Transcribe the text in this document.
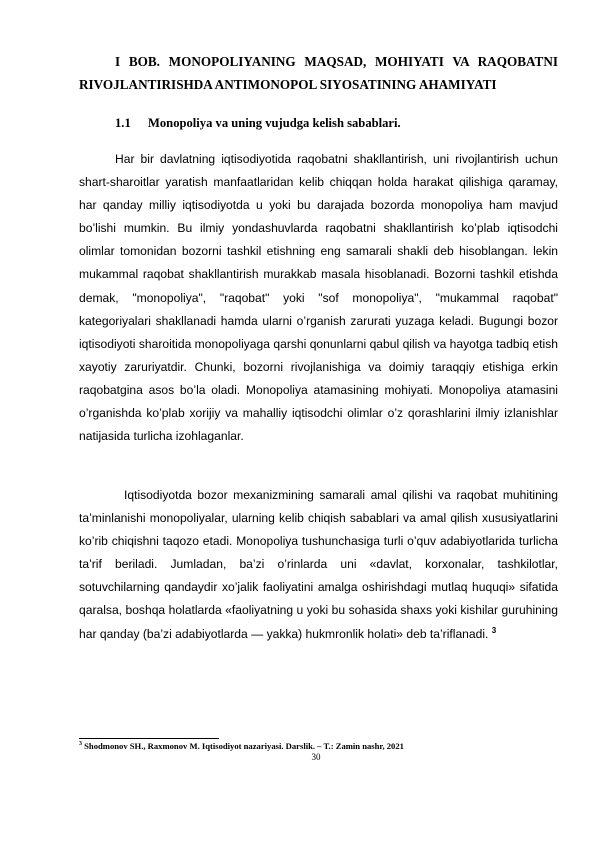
I BOB. MONOPOLIYANING MAQSAD, MOHIYATI VA RAQOBATNI RIVOJLANTIRISHDA ANTIMONOPOL SIYOSATINING AHAMIYATI
1.1 Monopoliya va uning vujudga kelish sabablari.

Har bir davlatning iqtisodiyotida raqobatni shakllantirish, uni rivojlantirish uchun shart-sharoitlar yaratish manfaatlaridan kelib chiqqan holda harakat qilishiga qaramay, har qanday milliy iqtisodiyotda u yoki bu darajada bozorda monopoliya ham mavjud bo’lishi mumkin. Bu ilmiy yondashuvlarda raqobatni shakllantirish ko’plab iqtisodchi olimlar tomonidan bozorni tashkil etishning eng samarali shakli deb hisoblangan. lekin mukammal raqobat shakllantirish murakkab masala hisoblanadi. Bozorni tashkil etishda demak, "monopoliya", "raqobat" yoki "sof monopoliya", "mukammal raqobat" kategoriyalari shakllanadi hamda ularni o’rganish zarurati yuzaga keladi. Bugungi bozor iqtisodiyoti sharoitida monopoliyaga qarshi qonunlarni qabul qilish va hayotga tadbiq etish xayotiy zaruriyatdir. Chunki, bozorni rivojlanishiga va doimiy taraqqiy etishiga erkin raqobatgina asos bo’la oladi. Monopoliya atamasining mohiyati. Monopoliya atamasini o’rganishda ko’plab xorijiy va mahalliy iqtisodchi olimlar o’z qorashlarini ilmiy izlanishlar natijasida turlicha izohlaganlar.

Iqtisodiyotda bozor mexanizmining samarali amal qilishi va raqobat muhitining ta’minlanishi monopoliyalar, ularning kelib chiqish sabablari va amal qilish xususiyatlarini ko’rib chiqishni taqozo etadi. Monopoliya tushunchasiga turli o’quv adabiyotlarida turlicha ta’rif beriladi. Jumladan, ba’zi o’rinlarda uni «davlat, korxonalar, tashkilotlar, sotuvchilarning qandaydir xo’jalik faoliyatini amalga oshirishdagi mutlaq huquqi» sifatida qaralsa, boshqa holatlarda «faoliyatning u yoki bu sohasida shaxs yoki kishilar guruhining har qanday (ba’zi adabiyotlarda — yakka) hukmronlik holati» deb ta’riflanadi. $^3$

$^3$ Shodmonov SH., Raxmonov M. Iqtisodiyot nazariyasi. Darslik. – T.: Zamin nashr, 2021
30
